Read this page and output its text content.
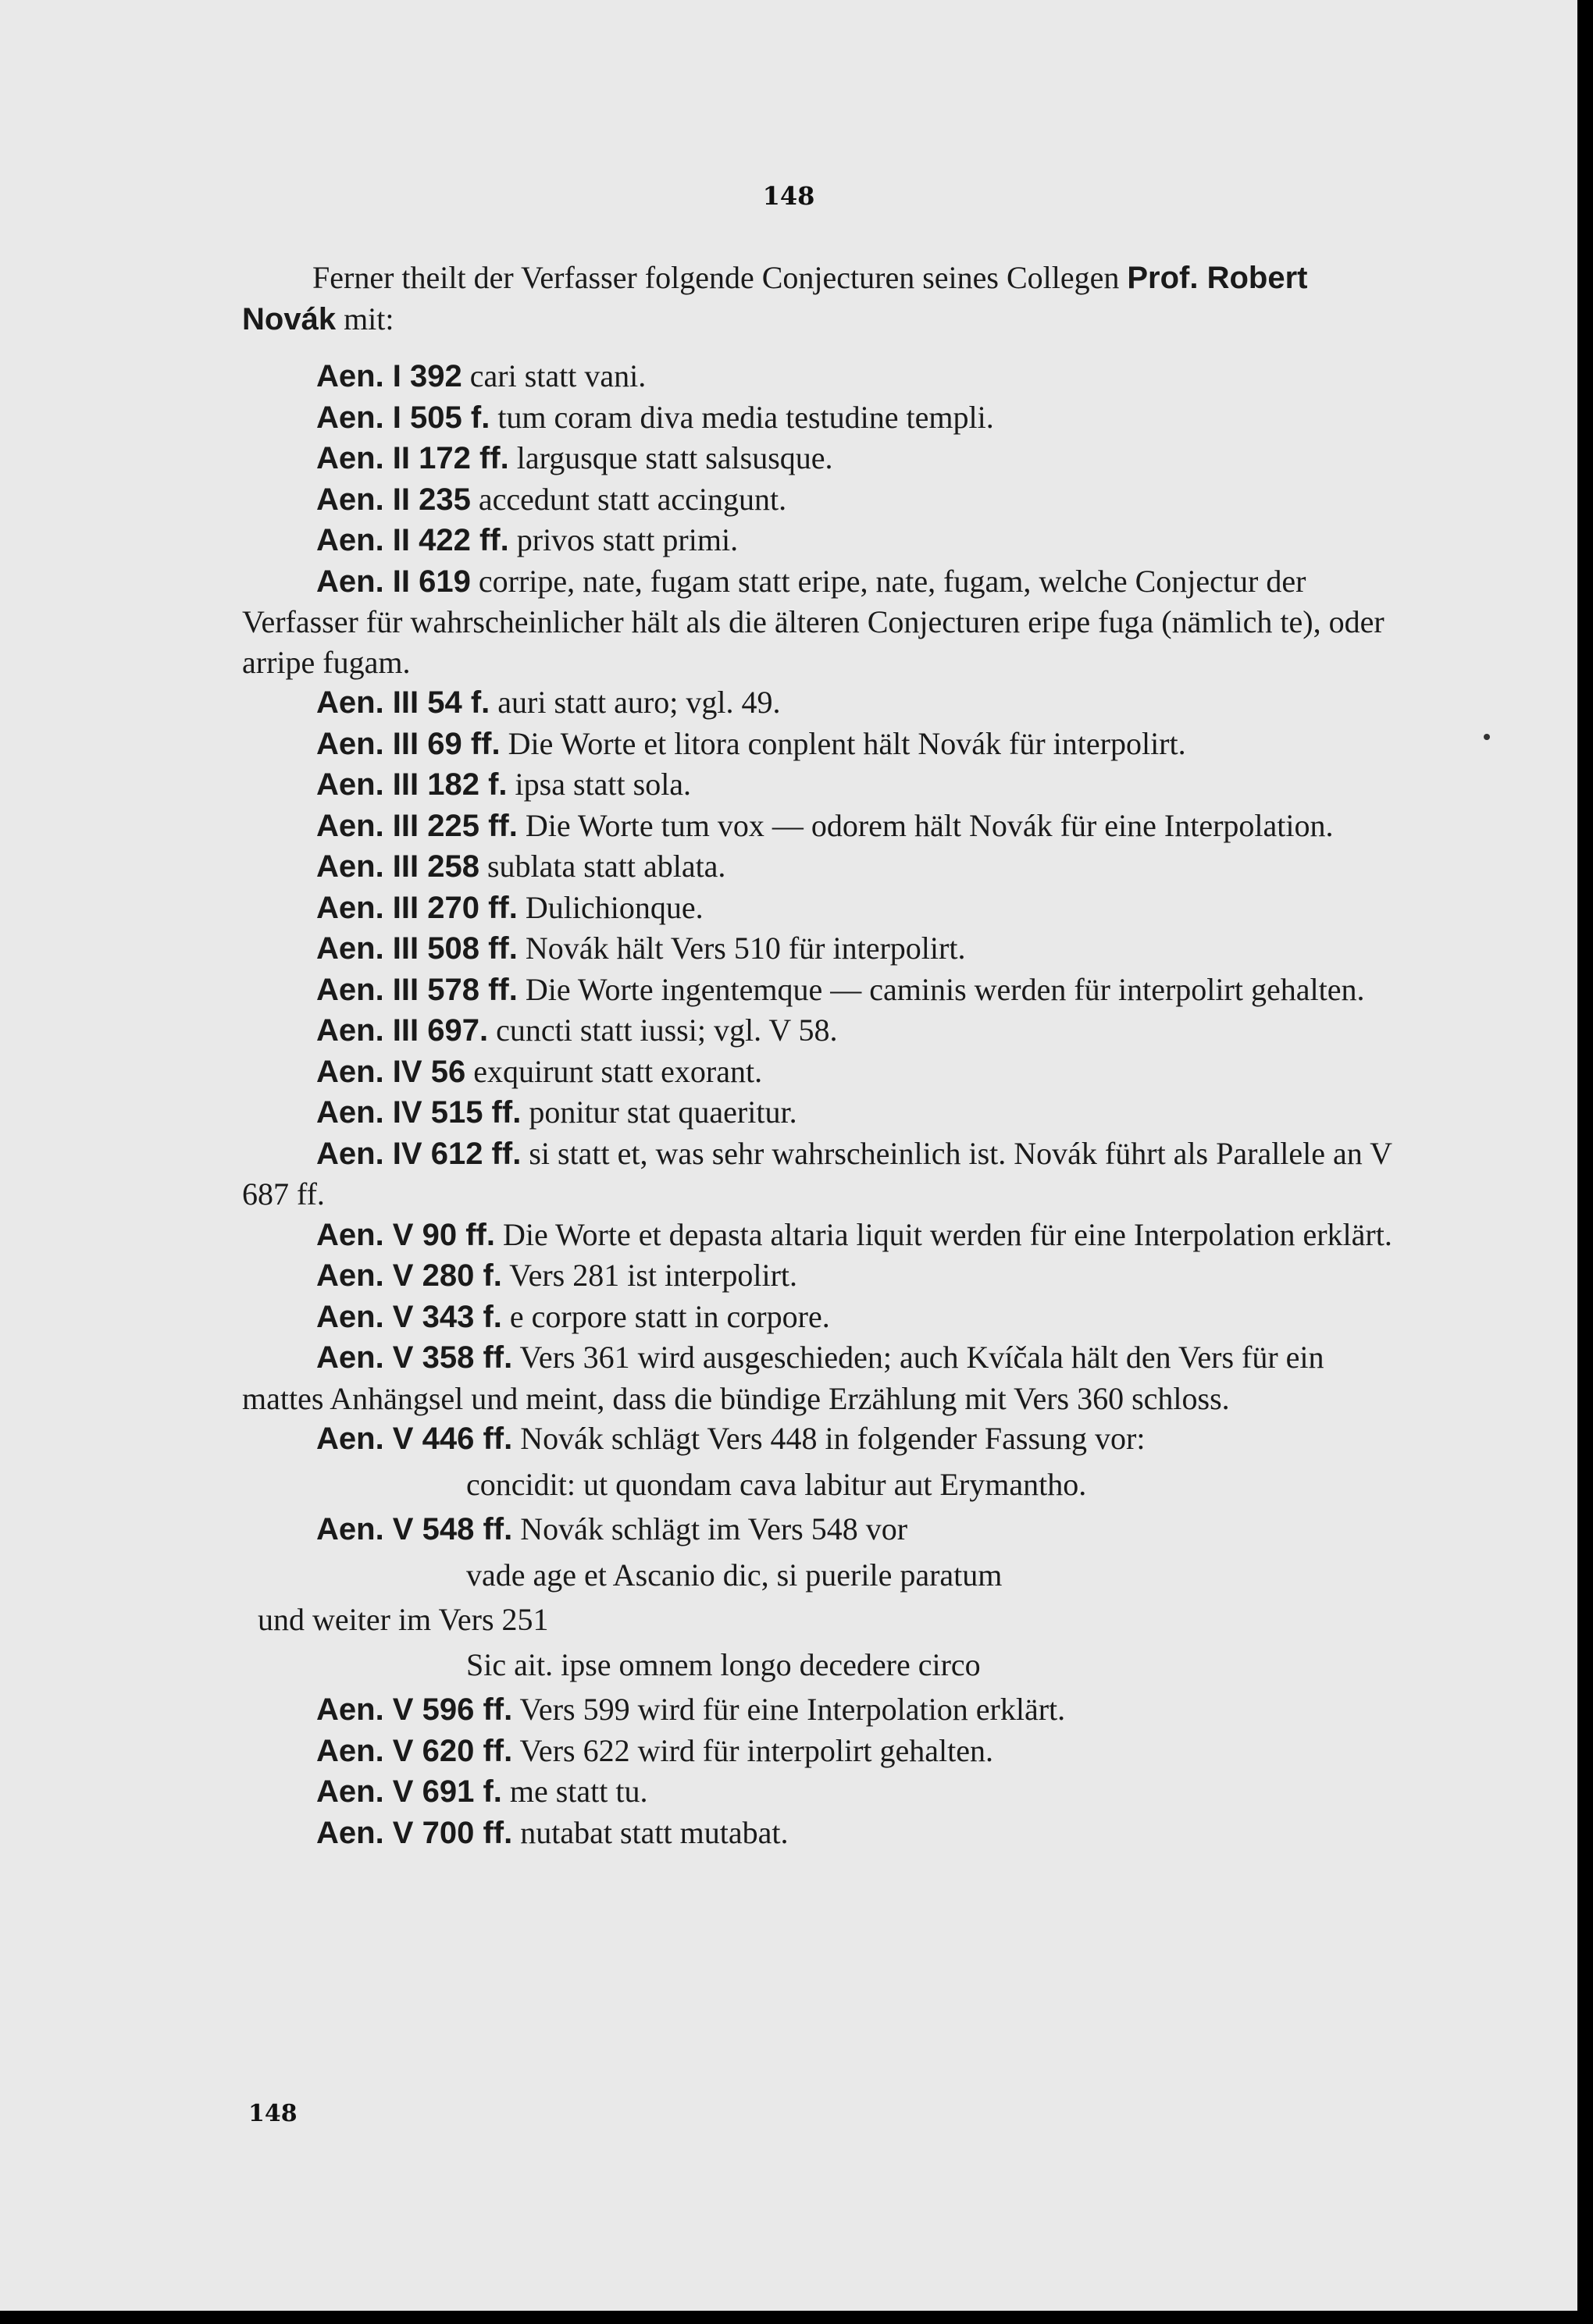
148

Ferner theilt der Verfasser folgende Conjecturen seines Collegen Prof. Robert Novák mit:

Aen. I 392 cari statt vani.

Aen. I 505 f. tum coram diva media testudine templi.

Aen. II 172 ff. largusque statt salsusque.

Aen. II 235 accedunt statt accingunt.

Aen. II 422 ff. privos statt primi.

Aen. II 619 corripe, nate, fugam statt eripe, nate, fugam, welche Conjectur der Verfasser für wahrscheinlicher hält als die älteren Conjecturen eripe fuga (nämlich te), oder arripe fugam.

Aen. III 54 f. auri statt auro; vgl. 49.

Aen. III 69 ff. Die Worte et litora conplent hält Novák für interpolirt.

Aen. III 182 f. ipsa statt sola.

Aen. III 225 ff. Die Worte tum vox — odorem hält Novák für eine Interpolation.

Aen. III 258 sublata statt ablata.

Aen. III 270 ff. Dulichionque.

Aen. III 508 ff. Novák hält Vers 510 für interpolirt.

Aen. III 578 ff. Die Worte ingentemque — caminis werden für interpolirt gehalten.

Aen. III 697. cuncti statt iussi; vgl. V 58.

Aen. IV 56 exquirunt statt exorant.

Aen. IV 515 ff. ponitur stat quaeritur.

Aen. IV 612 ff. si statt et, was sehr wahrscheinlich ist. Novák führt als Parallele an V 687 ff.

Aen. V 90 ff. Die Worte et depasta altaria liquit werden für eine Interpolation erklärt.

Aen. V 280 f. Vers 281 ist interpolirt.

Aen. V 343 f. e corpore statt in corpore.

Aen. V 358 ff. Vers 361 wird ausgeschieden; auch Kvíčala hält den Vers für ein mattes Anhängsel und meint, dass die bündige Erzählung mit Vers 360 schloss.

Aen. V 446 ff. Novák schlägt Vers 448 in folgender Fassung vor:

concidit: ut quondam cava labitur aut Erymantho.

Aen. V 548 ff. Novák schlägt im Vers 548 vor

vade age et Ascanio dic, si puerile paratum

und weiter im Vers 251

Sic ait. ipse omnem longo decedere circo

Aen. V 596 ff. Vers 599 wird für eine Interpolation erklärt.

Aen. V 620 ff. Vers 622 wird für interpolirt gehalten.

Aen. V 691 f. me statt tu.

Aen. V 700 ff. nutabat statt mutabat.

148
